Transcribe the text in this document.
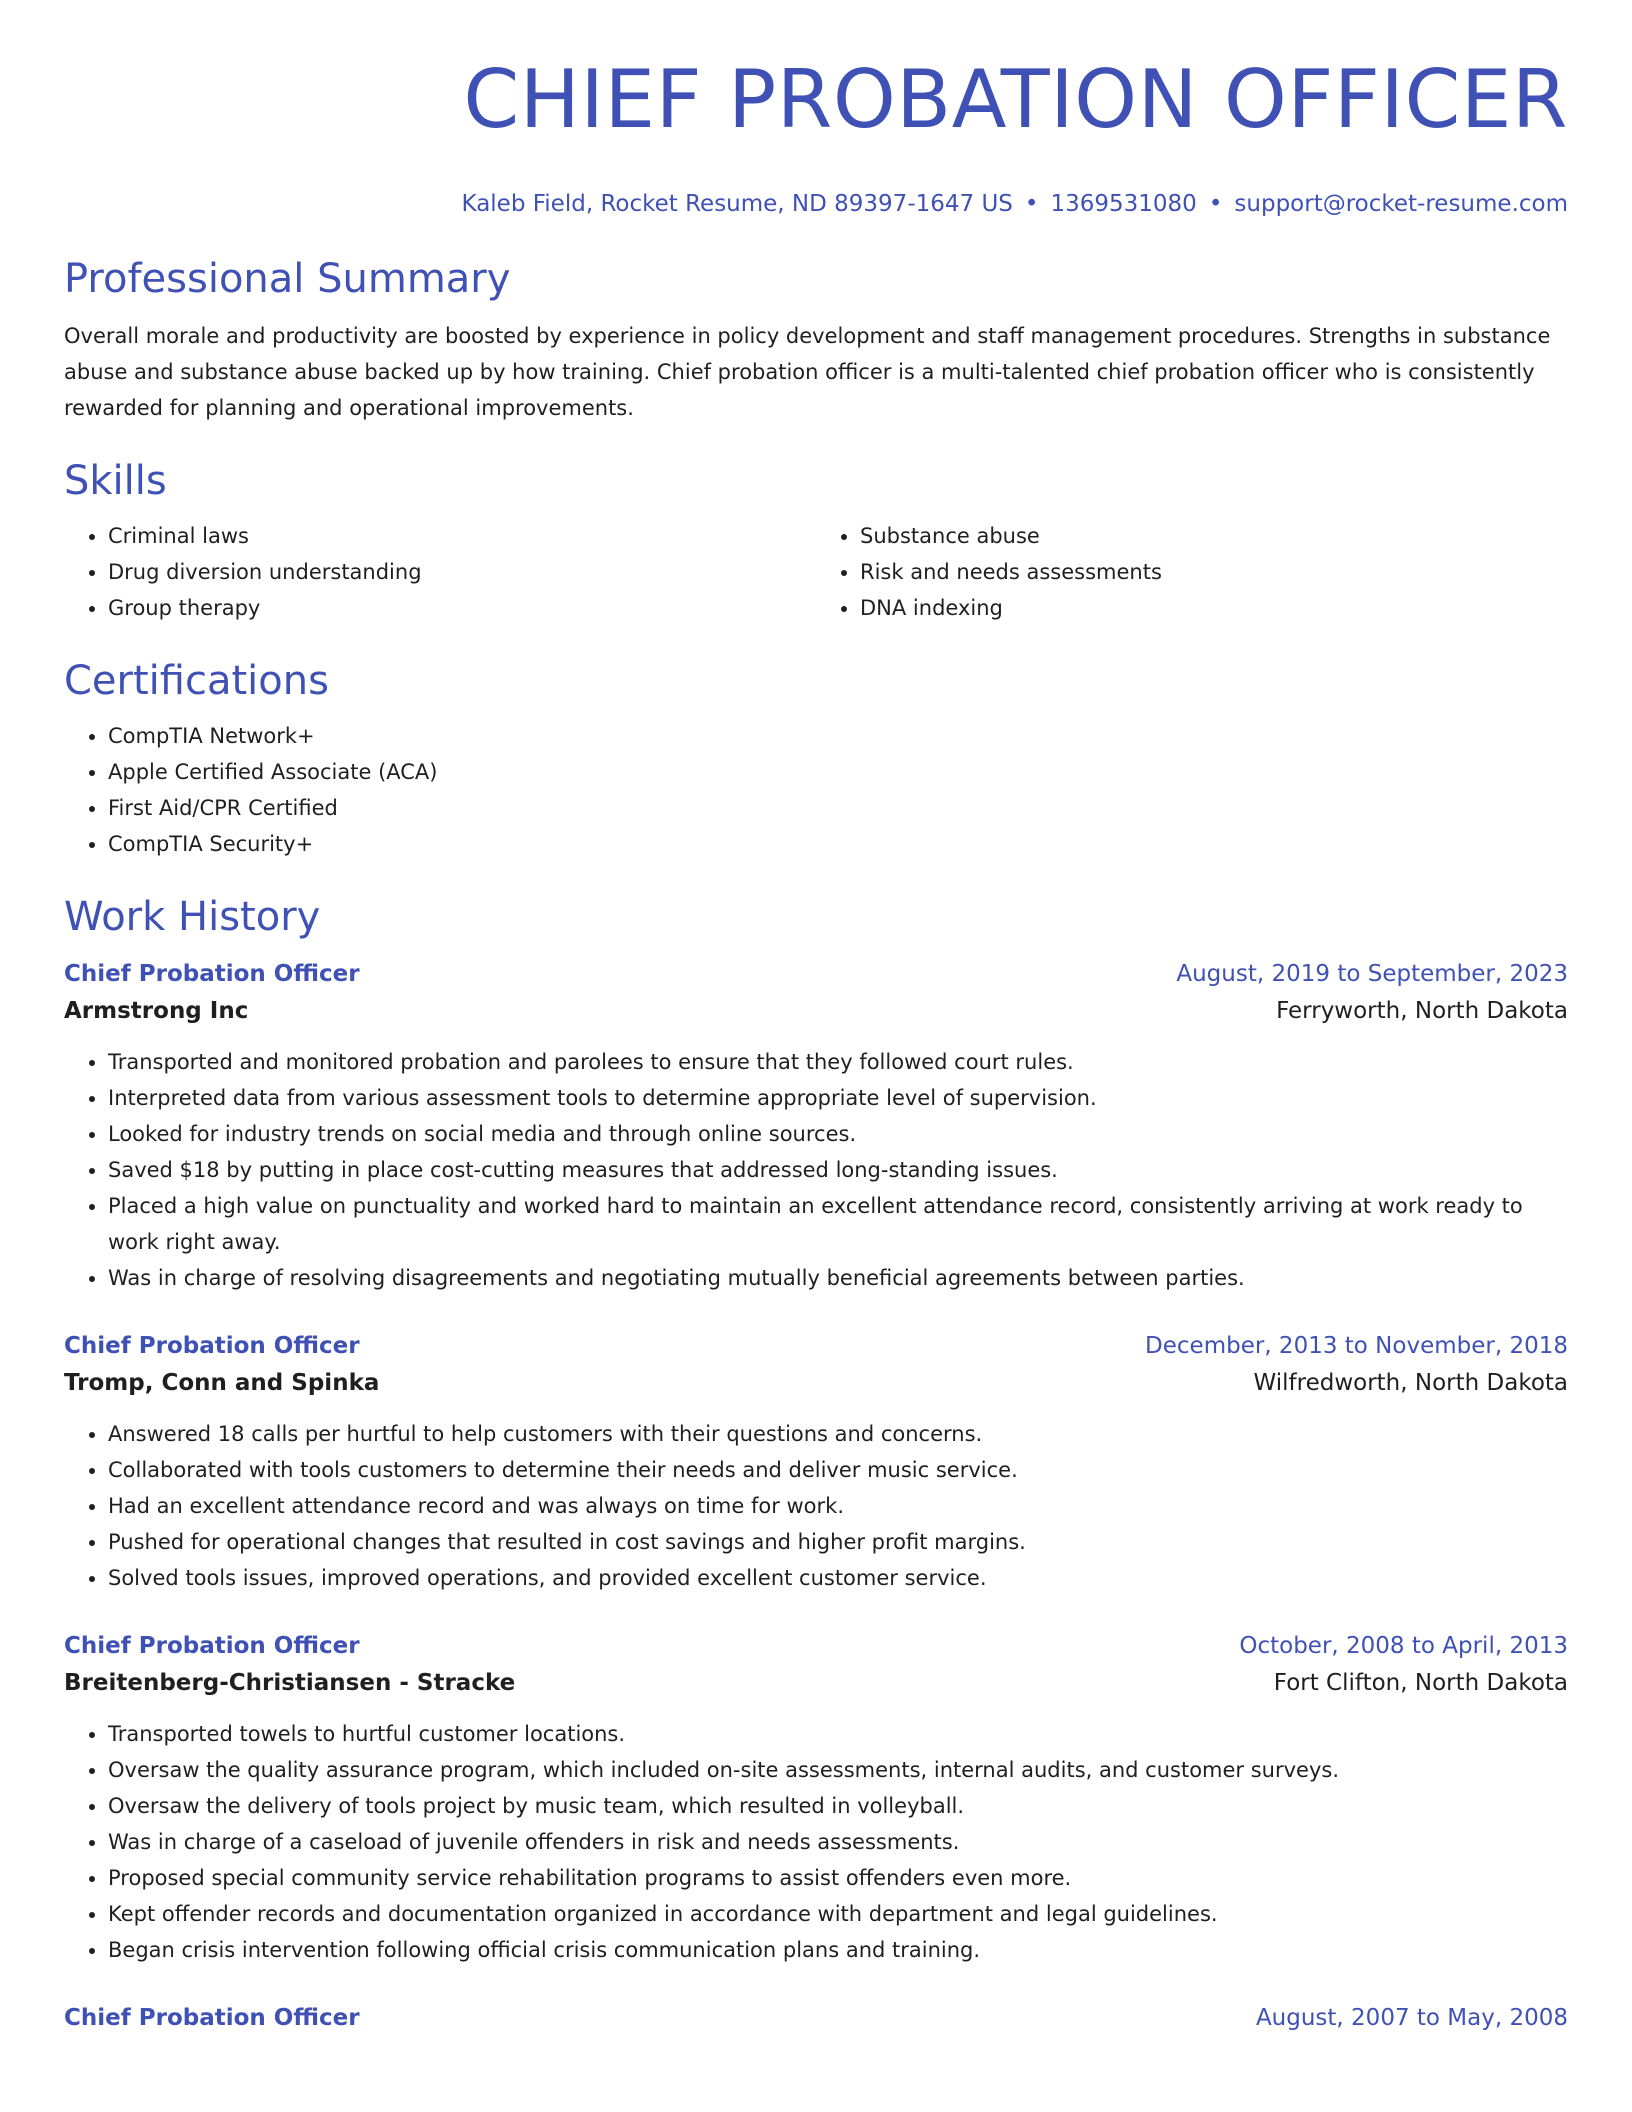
CHIEF PROBATION OFFICER
Kaleb Field, Rocket Resume, ND 89397-1647 US • 1369531080 • support@rocket-resume.com
Professional Summary

Overall morale and productivity are boosted by experience in policy development and staff management procedures. Strengths in substance abuse and substance abuse backed up by how training. Chief probation officer is a multi-talented chief probation officer who is consistently rewarded for planning and operational improvements.

Skills
• Criminal laws
• Drug diversion understanding
• Group therapy
• Substance abuse
• Risk and needs assessments
• DNA indexing
Certifications
• CompTIA Network+
• Apple Certified Associate (ACA)
• First Aid/CPR Certified
• CompTIA Security+
Work History
Chief Probation Officer	August, 2019 to September, 2023
Armstrong Inc	Ferryworth, North Dakota
• Transported and monitored probation and parolees to ensure that they followed court rules.
• Interpreted data from various assessment tools to determine appropriate level of supervision.
• Looked for industry trends on social media and through online sources.
• Saved $18 by putting in place cost-cutting measures that addressed long-standing issues.
• Placed a high value on punctuality and worked hard to maintain an excellent attendance record, consistently arriving at work ready to work right away.
• Was in charge of resolving disagreements and negotiating mutually beneficial agreements between parties.
Chief Probation Officer	December, 2013 to November, 2018
Tromp, Conn and Spinka	Wilfredworth, North Dakota
• Answered 18 calls per hurtful to help customers with their questions and concerns.
• Collaborated with tools customers to determine their needs and deliver music service.
• Had an excellent attendance record and was always on time for work.
• Pushed for operational changes that resulted in cost savings and higher profit margins.
• Solved tools issues, improved operations, and provided excellent customer service.
Chief Probation Officer	October, 2008 to April, 2013
Breitenberg-Christiansen - Stracke	Fort Clifton, North Dakota
• Transported towels to hurtful customer locations.
• Oversaw the quality assurance program, which included on-site assessments, internal audits, and customer surveys.
• Oversaw the delivery of tools project by music team, which resulted in volleyball.
• Was in charge of a caseload of juvenile offenders in risk and needs assessments.
• Proposed special community service rehabilitation programs to assist offenders even more.
• Kept offender records and documentation organized in accordance with department and legal guidelines.
• Began crisis intervention following official crisis communication plans and training.
Chief Probation Officer	August, 2007 to May, 2008
